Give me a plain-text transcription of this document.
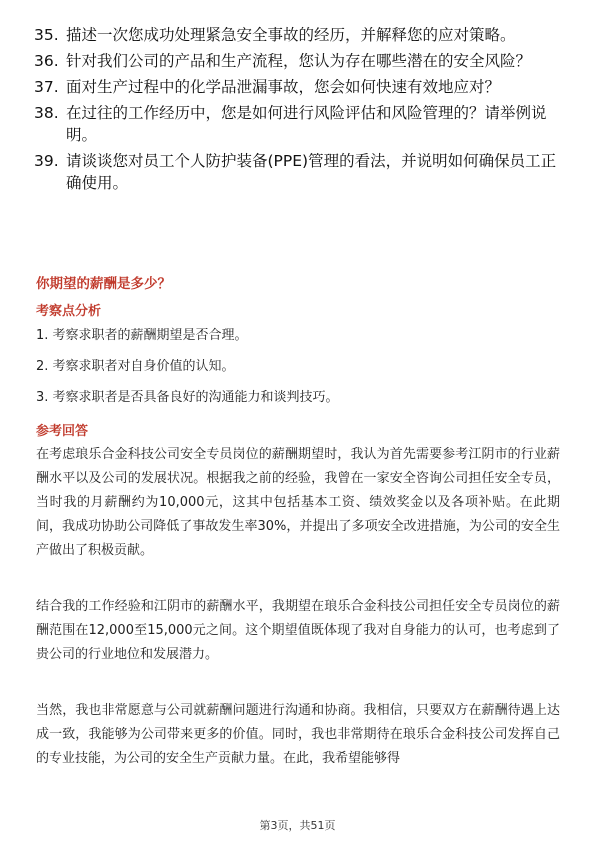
35. 描述一次您成功处理紧急安全事故的经历，并解释您的应对策略。
36. 针对我们公司的产品和生产流程，您认为存在哪些潜在的安全风险？
37. 面对生产过程中的化学品泄漏事故，您会如何快速有效地应对？
38. 在过往的工作经历中，您是如何进行风险评估和风险管理的？请举例说明。
39. 请谈谈您对员工个人防护装备(PPE)管理的看法，并说明如何确保员工正确使用。
你期望的薪酬是多少？
考察点分析
1. 考察求职者的薪酬期望是否合理。
2. 考察求职者对自身价值的认知。
3. 考察求职者是否具备良好的沟通能力和谈判技巧。
参考回答

在考虑琅乐合金科技公司安全专员岗位的薪酬期望时，我认为首先需要参考江阴市的行业薪酬水平以及公司的发展状况。根据我之前的经验，我曾在一家安全咨询公司担任安全专员，当时我的月薪酬约为10,000元，这其中包括基本工资、绩效奖金以及各项补贴。在此期间，我成功协助公司降低了事故发生率30%，并提出了多项安全改进措施，为公司的安全生产做出了积极贡献。

结合我的工作经验和江阴市的薪酬水平，我期望在琅乐合金科技公司担任安全专员岗位的薪酬范围在12,000至15,000元之间。这个期望值既体现了我对自身能力的认可，也考虑到了贵公司的行业地位和发展潜力。

当然，我也非常愿意与公司就薪酬问题进行沟通和协商。我相信，只要双方在薪酬待遇上达成一致，我能够为公司带来更多的价值。同时，我也非常期待在琅乐合金科技公司发挥自己的专业技能，为公司的安全生产贡献力量。在此，我希望能够得

第3页，共51页
